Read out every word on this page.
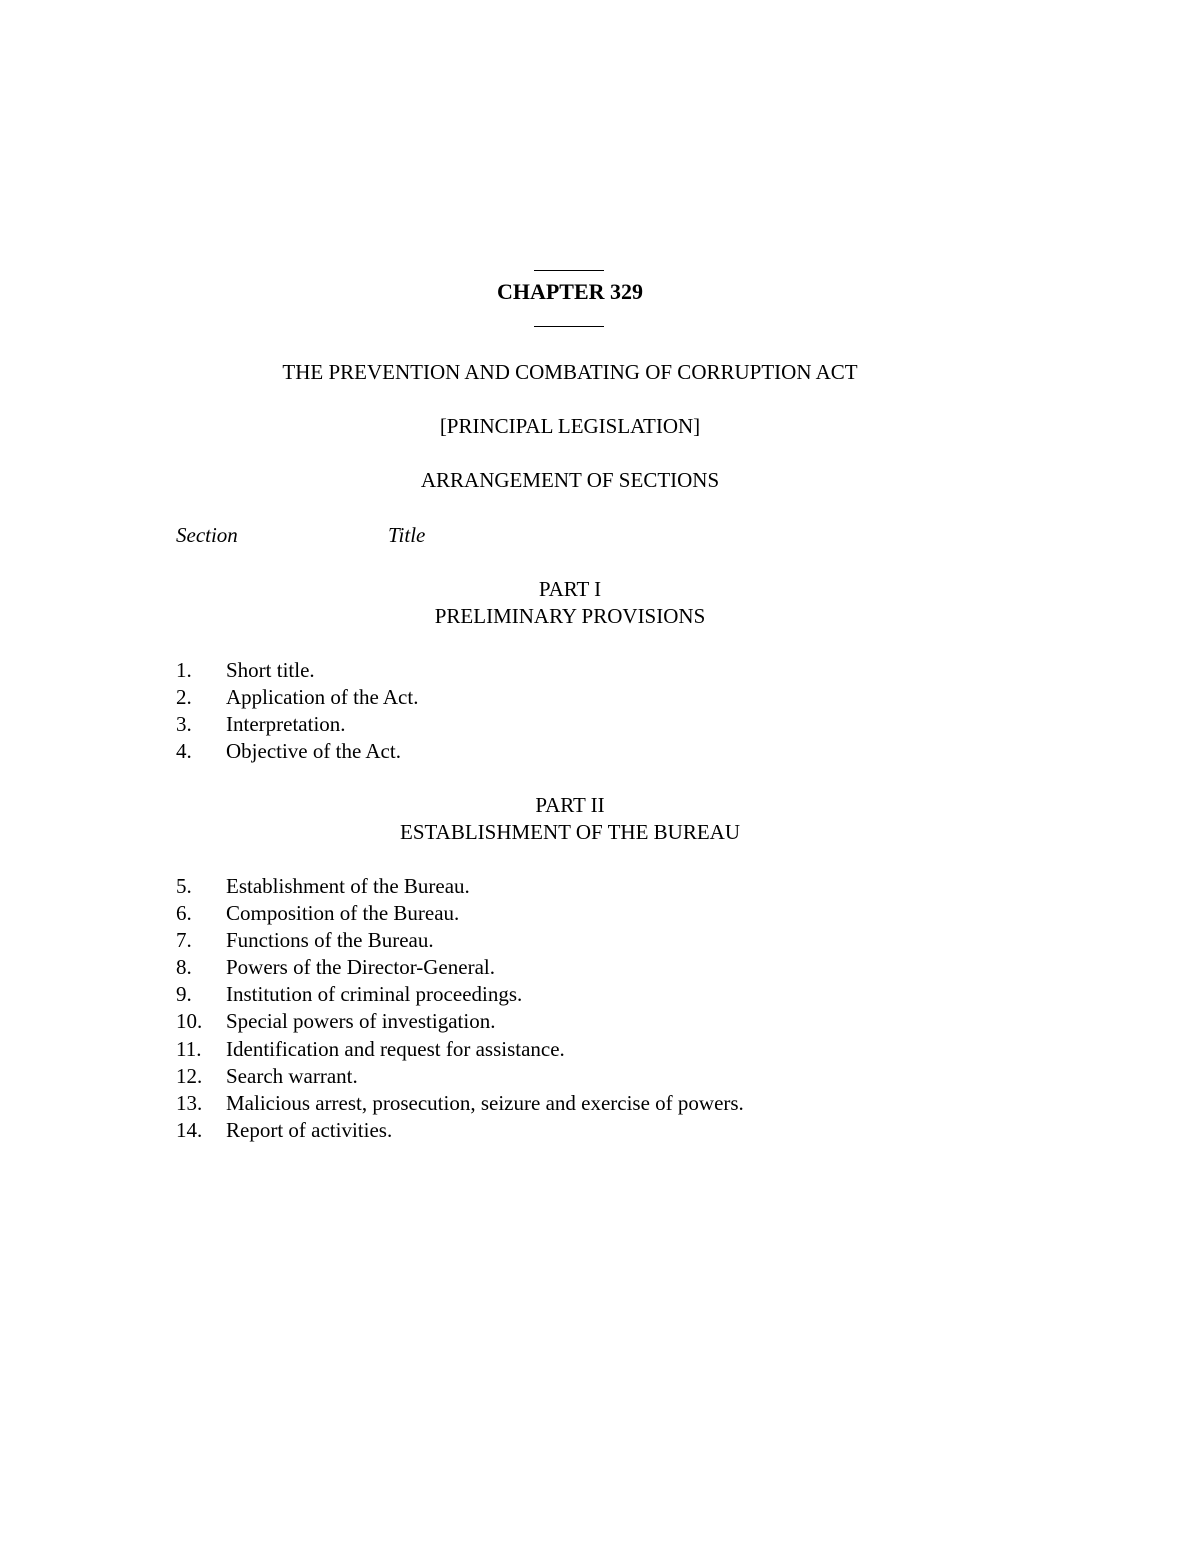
CHAPTER 329
THE PREVENTION AND COMBATING OF CORRUPTION ACT
[PRINCIPAL LEGISLATION]
ARRANGEMENT OF SECTIONS
Section	Title
PART I
PRELIMINARY PROVISIONS
1. Short title.
2. Application of the Act.
3. Interpretation.
4. Objective of the Act.
PART II
ESTABLISHMENT OF THE BUREAU
5. Establishment of the Bureau.
6. Composition of the Bureau.
7. Functions of the Bureau.
8. Powers of the Director-General.
9. Institution of criminal proceedings.
10. Special powers of investigation.
11. Identification and request for assistance.
12. Search warrant.
13. Malicious arrest, prosecution, seizure and exercise of powers.
14. Report of activities.
